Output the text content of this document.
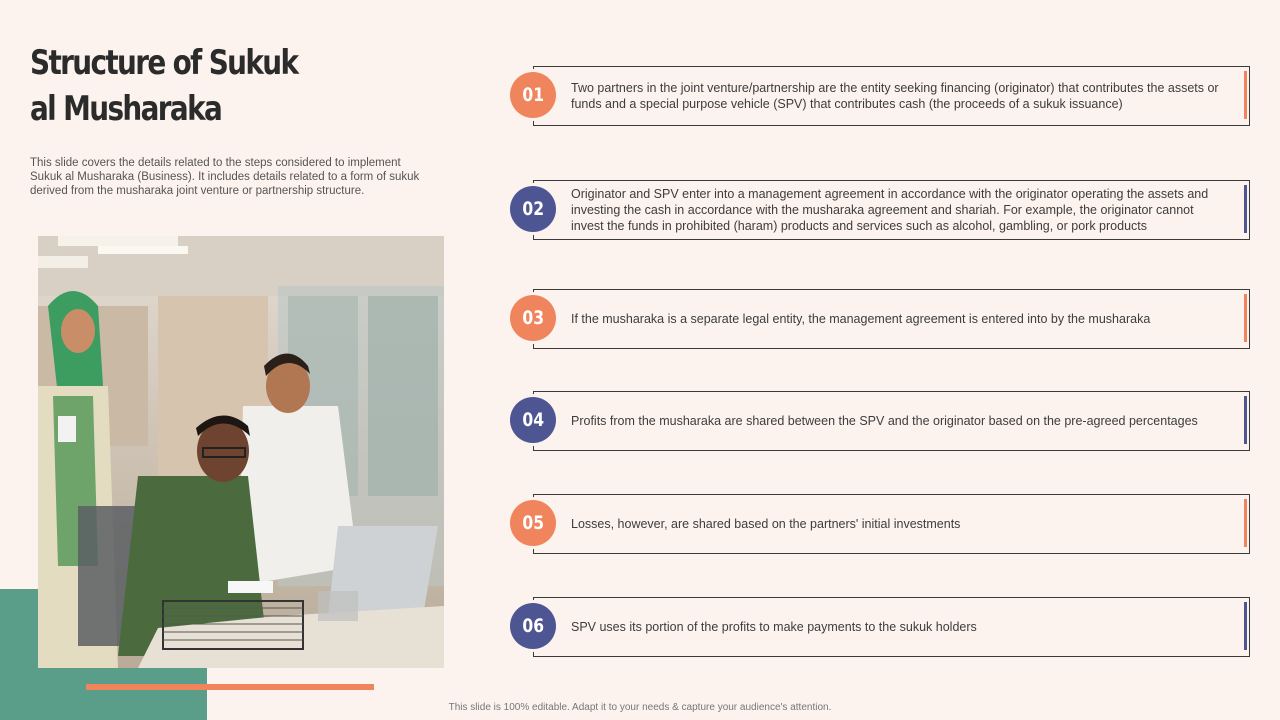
Structure of Sukuk al Musharaka

This slide covers the details related to the steps considered to implement Sukuk al Musharaka (Business). It includes details related to a form of sukuk derived from the musharaka joint venture or partnership structure.

Two partners in the joint venture/partnership are the entity seeking financing (originator) that contributes the assets or funds and a special purpose vehicle (SPV) that contributes cash (the proceeds of a sukuk issuance)

01

Originator and SPV enter into a management agreement in accordance with the originator operating the assets and investing the cash in accordance with the musharaka agreement and shariah. For example, the originator cannot invest the funds in prohibited (haram) products and services such as alcohol, gambling, or pork products

02

If the musharaka is a separate legal entity, the management agreement is entered into by the musharaka

03

Profits from the musharaka are shared between the SPV and the originator based on the pre-agreed percentages

04

Losses, however, are shared based on the partners' initial investments

05

SPV uses its portion of the profits to make payments to the sukuk holders

06
This slide is 100% editable. Adapt it to your needs & capture your audience's attention.
